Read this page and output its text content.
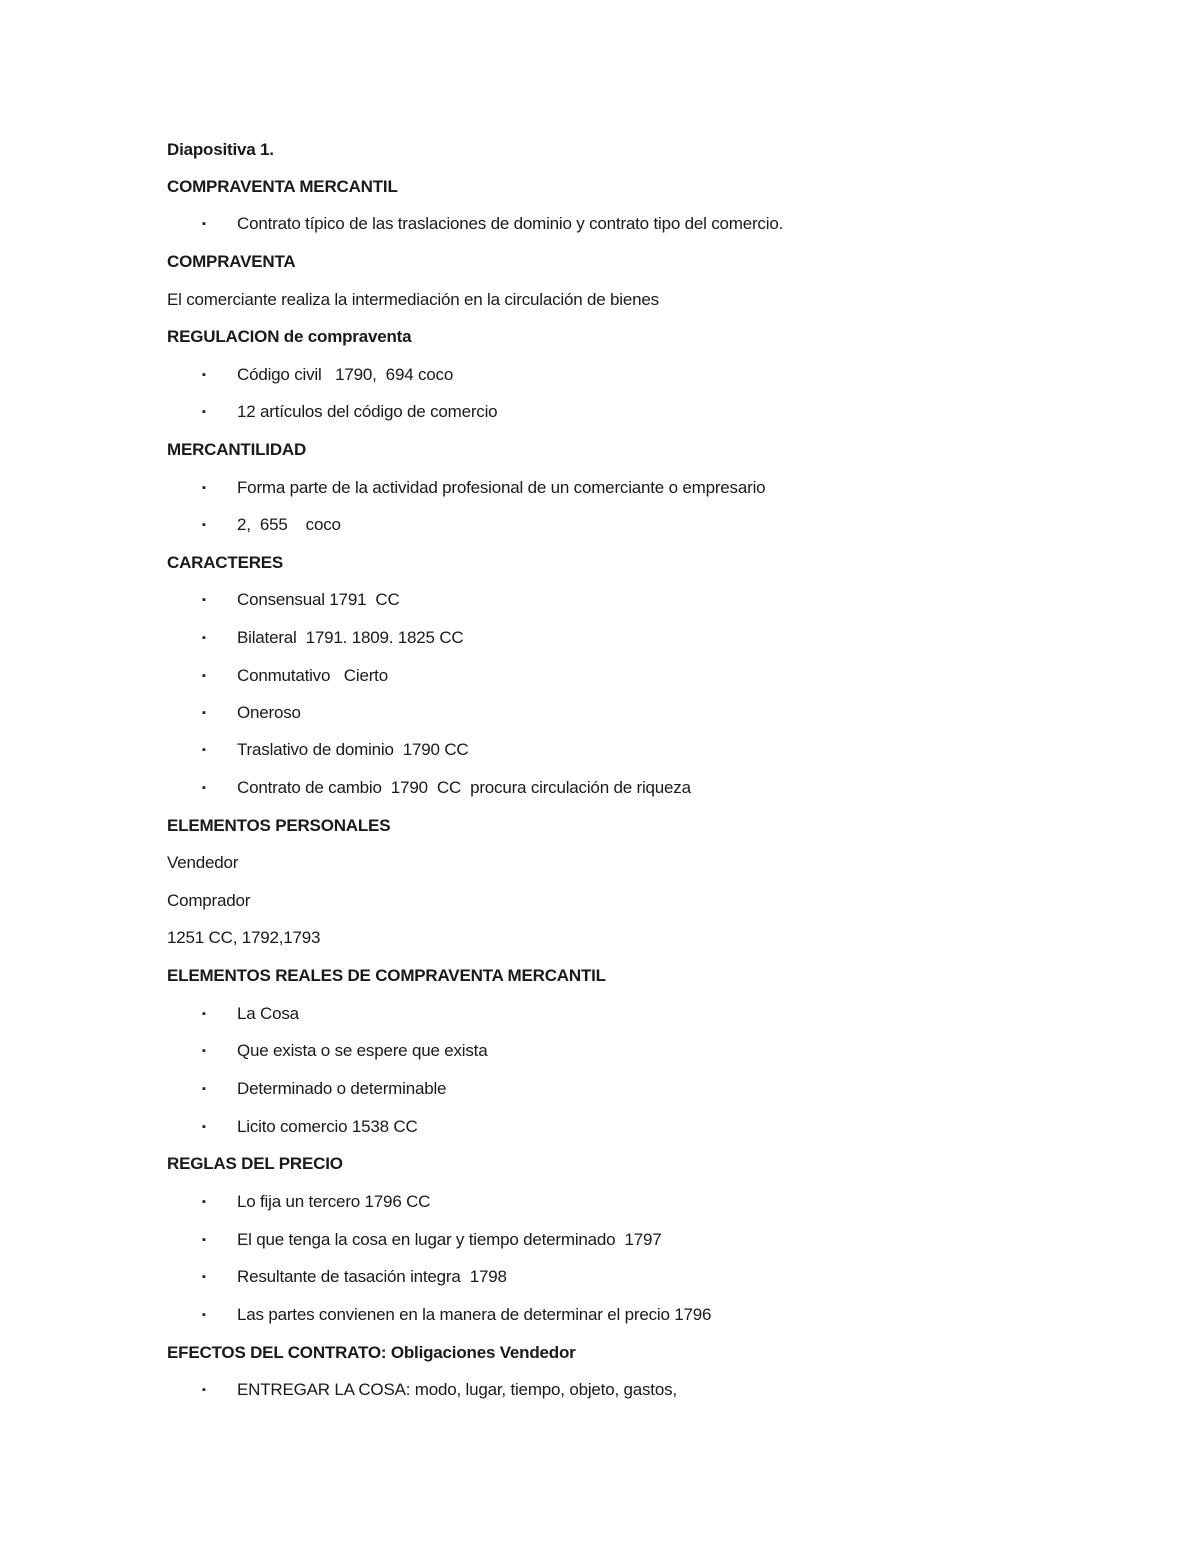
Diapositiva 1.
COMPRAVENTA MERCANTIL

▪

Contrato típico de las traslaciones de dominio y contrato tipo del comercio.

COMPRAVENTA
El comerciante realiza la intermediación en la circulación de bienes
REGULACION de compraventa

▪

Código civil   1790,  694 coco

▪

12 artículos del código de comercio

MERCANTILIDAD

▪

Forma parte de la actividad profesional de un comerciante o empresario

▪

2,  655    coco

CARACTERES

▪

Consensual 1791  CC

▪

Bilateral  1791. 1809. 1825 CC

▪

Conmutativo   Cierto

▪

Oneroso

▪

Traslativo de dominio  1790 CC

▪

Contrato de cambio  1790  CC  procura circulación de riqueza

ELEMENTOS PERSONALES
Vendedor
Comprador
1251 CC, 1792,1793
ELEMENTOS REALES DE COMPRAVENTA MERCANTIL

▪

La Cosa

▪

Que exista o se espere que exista

▪

Determinado o determinable

▪

Licito comercio 1538 CC

REGLAS DEL PRECIO

▪

Lo fija un tercero 1796 CC

▪

El que tenga la cosa en lugar y tiempo determinado  1797

▪

Resultante de tasación integra  1798

▪

Las partes convienen en la manera de determinar el precio 1796

EFECTOS DEL CONTRATO: Obligaciones Vendedor

▪

ENTREGAR LA COSA: modo, lugar, tiempo, objeto, gastos,
